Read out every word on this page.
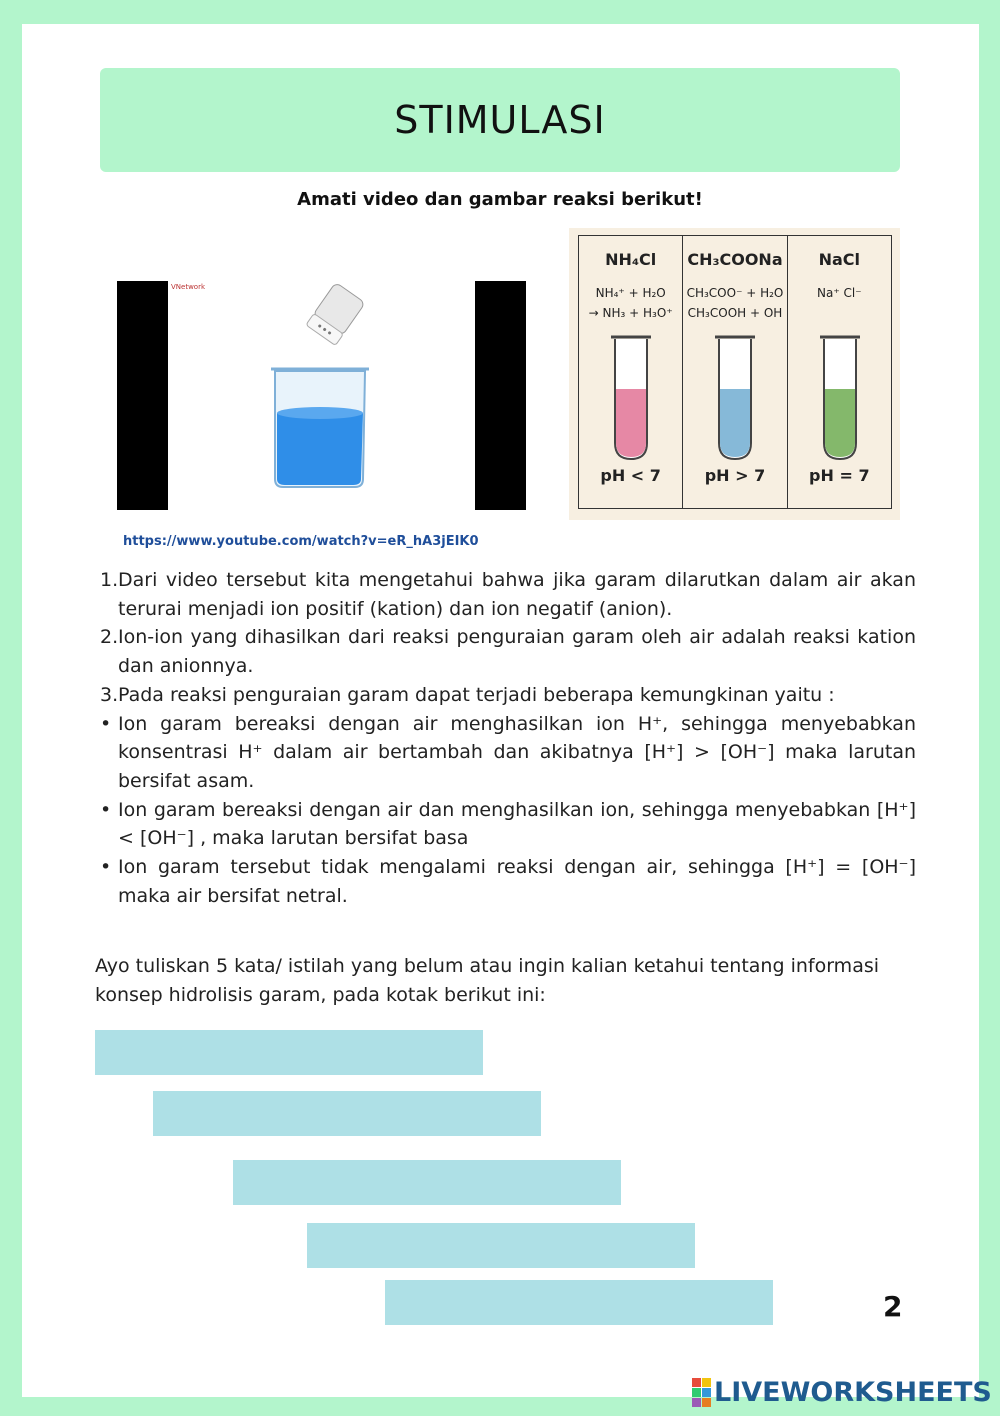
STIMULASI
Amati video dan gambar reaksi berikut!
VNetwork
https://www.youtube.com/watch?v=eR_hA3jEIK0
NH₄Cl
NH₄⁺ + H₂O
→ NH₃ + H₃O⁺
pH < 7
CH₃COONa
CH₃COO⁻ + H₂O
CH₃COOH + OH
pH > 7
NaCl
Na⁺ Cl⁻
pH = 7
1. Dari video tersebut kita mengetahui bahwa jika garam dilarutkan dalam air akan terurai menjadi ion positif (kation) dan ion negatif (anion).
2. Ion-ion yang dihasilkan dari reaksi penguraian garam oleh air adalah reaksi kation dan anionnya.
3. Pada reaksi penguraian garam dapat terjadi beberapa kemungkinan yaitu :
• Ion garam bereaksi dengan air menghasilkan ion H⁺, sehingga menyebabkan konsentrasi H⁺ dalam air bertambah dan akibatnya [H⁺] > [OH⁻] maka larutan bersifat asam.
• Ion garam bereaksi dengan air dan menghasilkan ion, sehingga menyebabkan [H⁺] < [OH⁻] , maka larutan bersifat basa
• Ion garam tersebut tidak mengalami reaksi dengan air, sehingga [H⁺] = [OH⁻] maka air bersifat netral.
Ayo tuliskan 5 kata/ istilah yang belum atau ingin kalian ketahui tentang informasi konsep hidrolisis garam, pada kotak berikut ini:
2
LIVEWORKSHEETS
